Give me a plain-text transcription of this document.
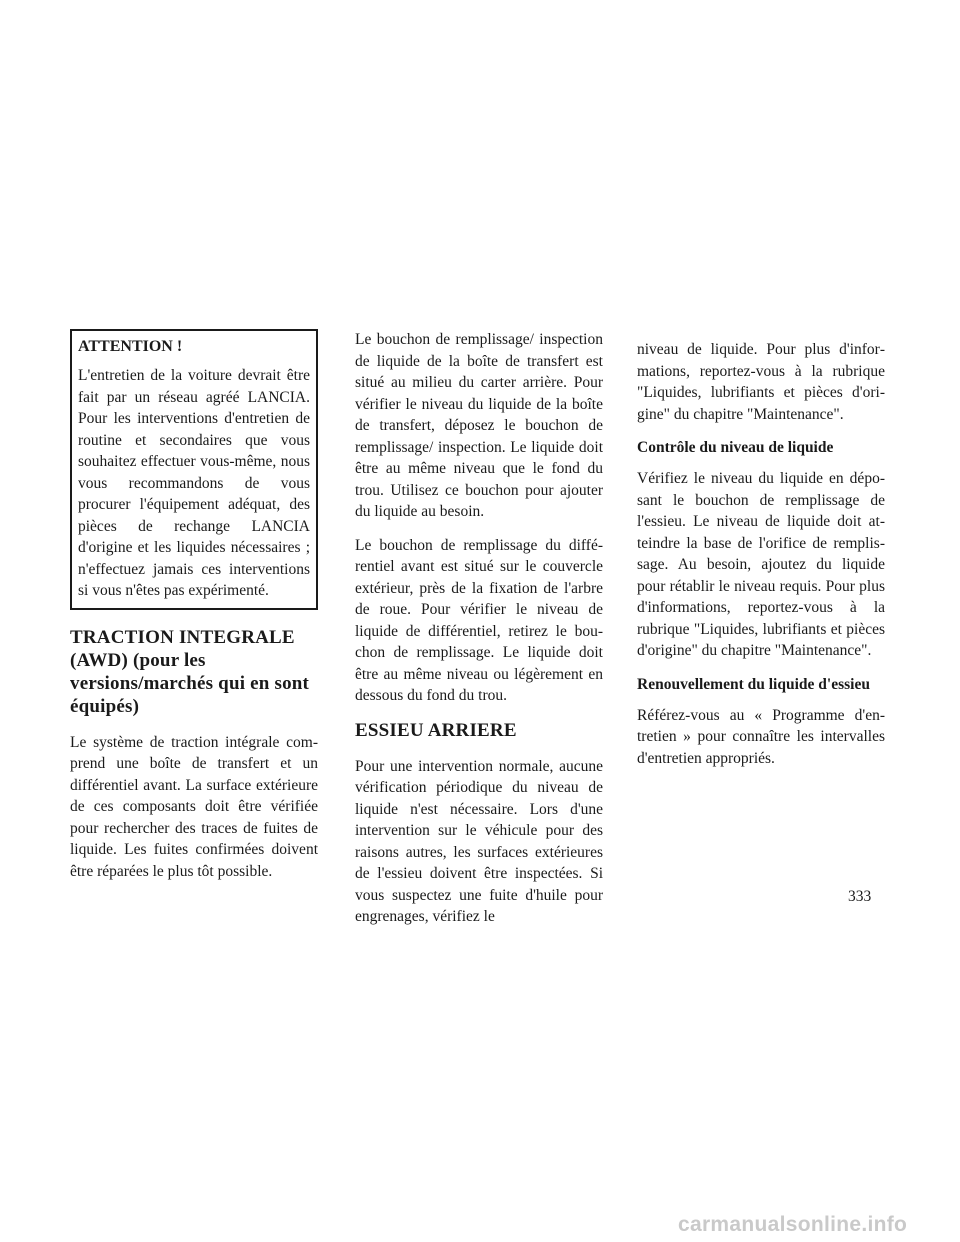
ATTENTION !

L'entretien de la voiture devrait être fait par un réseau agréé LANCIA. Pour les interventions d'entretien de routine et secondaires que vous souhaitez effectuer vous-même, nous vous recommandons de vous procurer l'équipement adéquat, des pièces de rechange LANCIA d'origine et les liquides nécessaires ; n'effectuez jamais ces interventions si vous n'êtes pas expérimenté.

TRACTION INTEGRALE (AWD) (pour les versions/marchés qui en sont équipés)

Le système de traction intégrale comprend une boîte de transfert et un différentiel avant. La surface extérieure de ces composants doit être vérifiée pour rechercher des traces de fuites de liquide. Les fuites confirmées doivent être réparées le plus tôt possible.

Le bouchon de remplissage/ inspection de liquide de la boîte de transfert est situé au milieu du carter arrière. Pour vérifier le niveau du liquide de la boîte de transfert, déposez le bouchon de remplissage/ inspection. Le liquide doit être au même niveau que le fond du trou. Utilisez ce bouchon pour ajouter du liquide au besoin.

Le bouchon de remplissage du différentiel avant est situé sur le couvercle extérieur, près de la fixation de l'arbre de roue. Pour vérifier le niveau de liquide de différentiel, retirez le bouchon de remplissage. Le liquide doit être au même niveau ou légèrement en dessous du fond du trou.

ESSIEU ARRIERE

Pour une intervention normale, aucune vérification périodique du niveau de liquide n'est nécessaire. Lors d'une intervention sur le véhicule pour des raisons autres, les surfaces extérieures de l'essieu doivent être inspectées. Si vous suspectez une fuite d'huile pour engrenages, vérifiez le

niveau de liquide. Pour plus d'informations, reportez-vous à la rubrique "Liquides, lubrifiants et pièces d'origine" du chapitre "Maintenance".

Contrôle du niveau de liquide

Vérifiez le niveau du liquide en déposant le bouchon de remplissage de l'essieu. Le niveau de liquide doit atteindre la base de l'orifice de remplissage. Au besoin, ajoutez du liquide pour rétablir le niveau requis. Pour plus d'informations, reportez-vous à la rubrique "Liquides, lubrifiants et pièces d'origine" du chapitre "Maintenance".

Renouvellement du liquide d'essieu

Référez-vous au « Programme d'entretien » pour connaître les intervalles d'entretien appropriés.

333
carmanualsonline.info
